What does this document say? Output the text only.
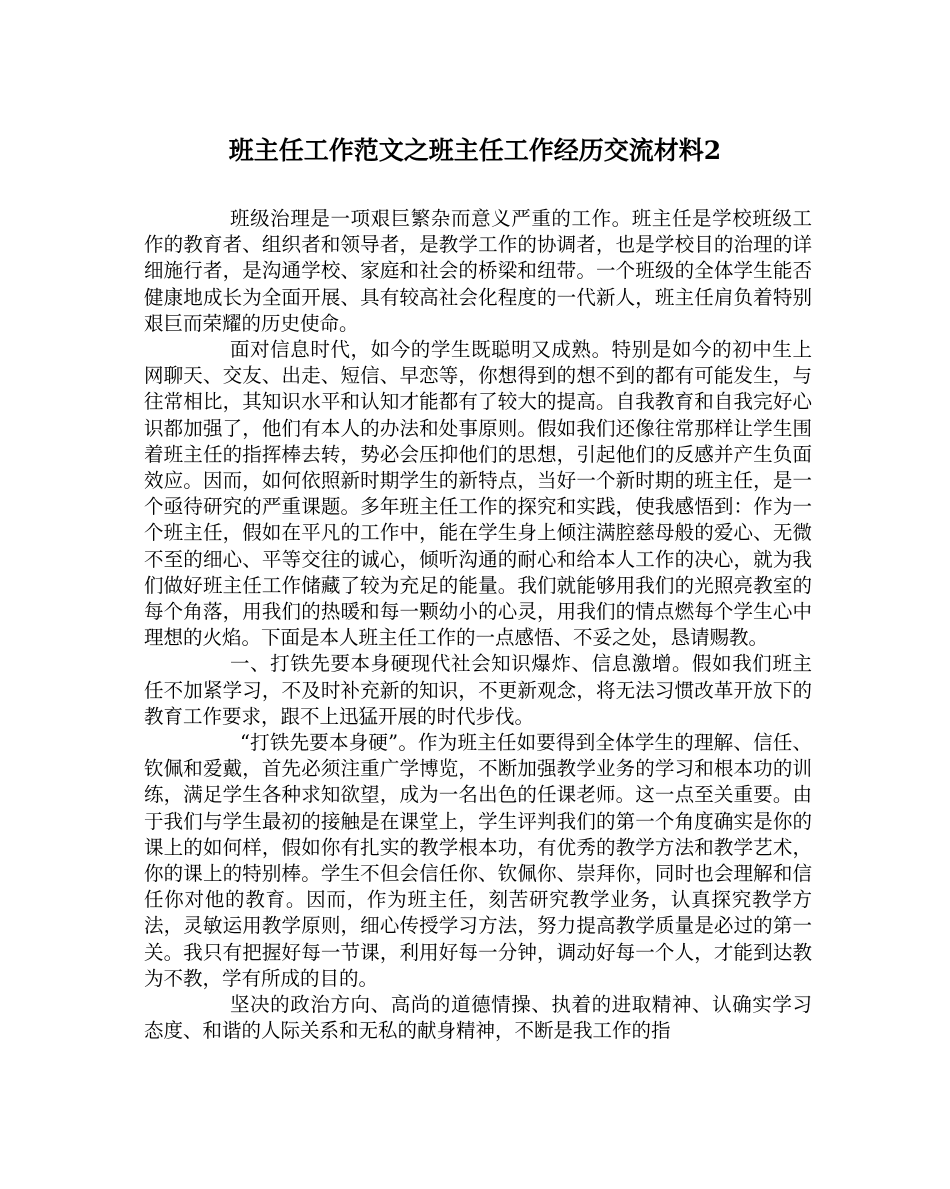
班主任工作范文之班主任工作经历交流材料2

班级治理是一项艰巨繁杂而意义严重的工作。班主任是学校班级工作的教育者、组织者和领导者，是教学工作的协调者，也是学校目的治理的详细施行者，是沟通学校、家庭和社会的桥梁和纽带。一个班级的全体学生能否健康地成长为全面开展、具有较高社会化程度的一代新人，班主任肩负着特别艰巨而荣耀的历史使命。

面对信息时代，如今的学生既聪明又成熟。特别是如今的初中生上网聊天、交友、出走、短信、早恋等，你想得到的想不到的都有可能发生，与往常相比，其知识水平和认知才能都有了较大的提高。自我教育和自我完好心识都加强了，他们有本人的办法和处事原则。假如我们还像往常那样让学生围着班主任的指挥棒去转，势必会压抑他们的思想，引起他们的反感并产生负面效应。因而，如何依照新时期学生的新特点，当好一个新时期的班主任，是一个亟待研究的严重课题。多年班主任工作的探究和实践，使我感悟到：作为一个班主任，假如在平凡的工作中，能在学生身上倾注满腔慈母般的爱心、无微不至的细心、平等交往的诚心，倾听沟通的耐心和给本人工作的决心，就为我们做好班主任工作储藏了较为充足的能量。我们就能够用我们的光照亮教室的每个角落，用我们的热暖和每一颗幼小的心灵，用我们的情点燃每个学生心中理想的火焰。下面是本人班主任工作的一点感悟、不妥之处，恳请赐教。

一、打铁先要本身硬现代社会知识爆炸、信息激增。假如我们班主任不加紧学习，不及时补充新的知识，不更新观念，将无法习惯改革开放下的教育工作要求，跟不上迅猛开展的时代步伐。

“打铁先要本身硬”。作为班主任如要得到全体学生的理解、信任、钦佩和爱戴，首先必须注重广学博览，不断加强教学业务的学习和根本功的训练，满足学生各种求知欲望，成为一名出色的任课老师。这一点至关重要。由于我们与学生最初的接触是在课堂上，学生评判我们的第一个角度确实是你的课上的如何样，假如你有扎实的教学根本功，有优秀的教学方法和教学艺术，你的课上的特别棒。学生不但会信任你、钦佩你、崇拜你，同时也会理解和信任你对他的教育。因而，作为班主任，刻苦研究教学业务，认真探究教学方法，灵敏运用教学原则，细心传授学习方法，努力提高教学质量是必过的第一关。我只有把握好每一节课，利用好每一分钟，调动好每一个人，才能到达教为不教，学有所成的目的。

坚决的政治方向、高尚的道德情操、执着的进取精神、认确实学习态度、和谐的人际关系和无私的献身精神，不断是我工作的指
